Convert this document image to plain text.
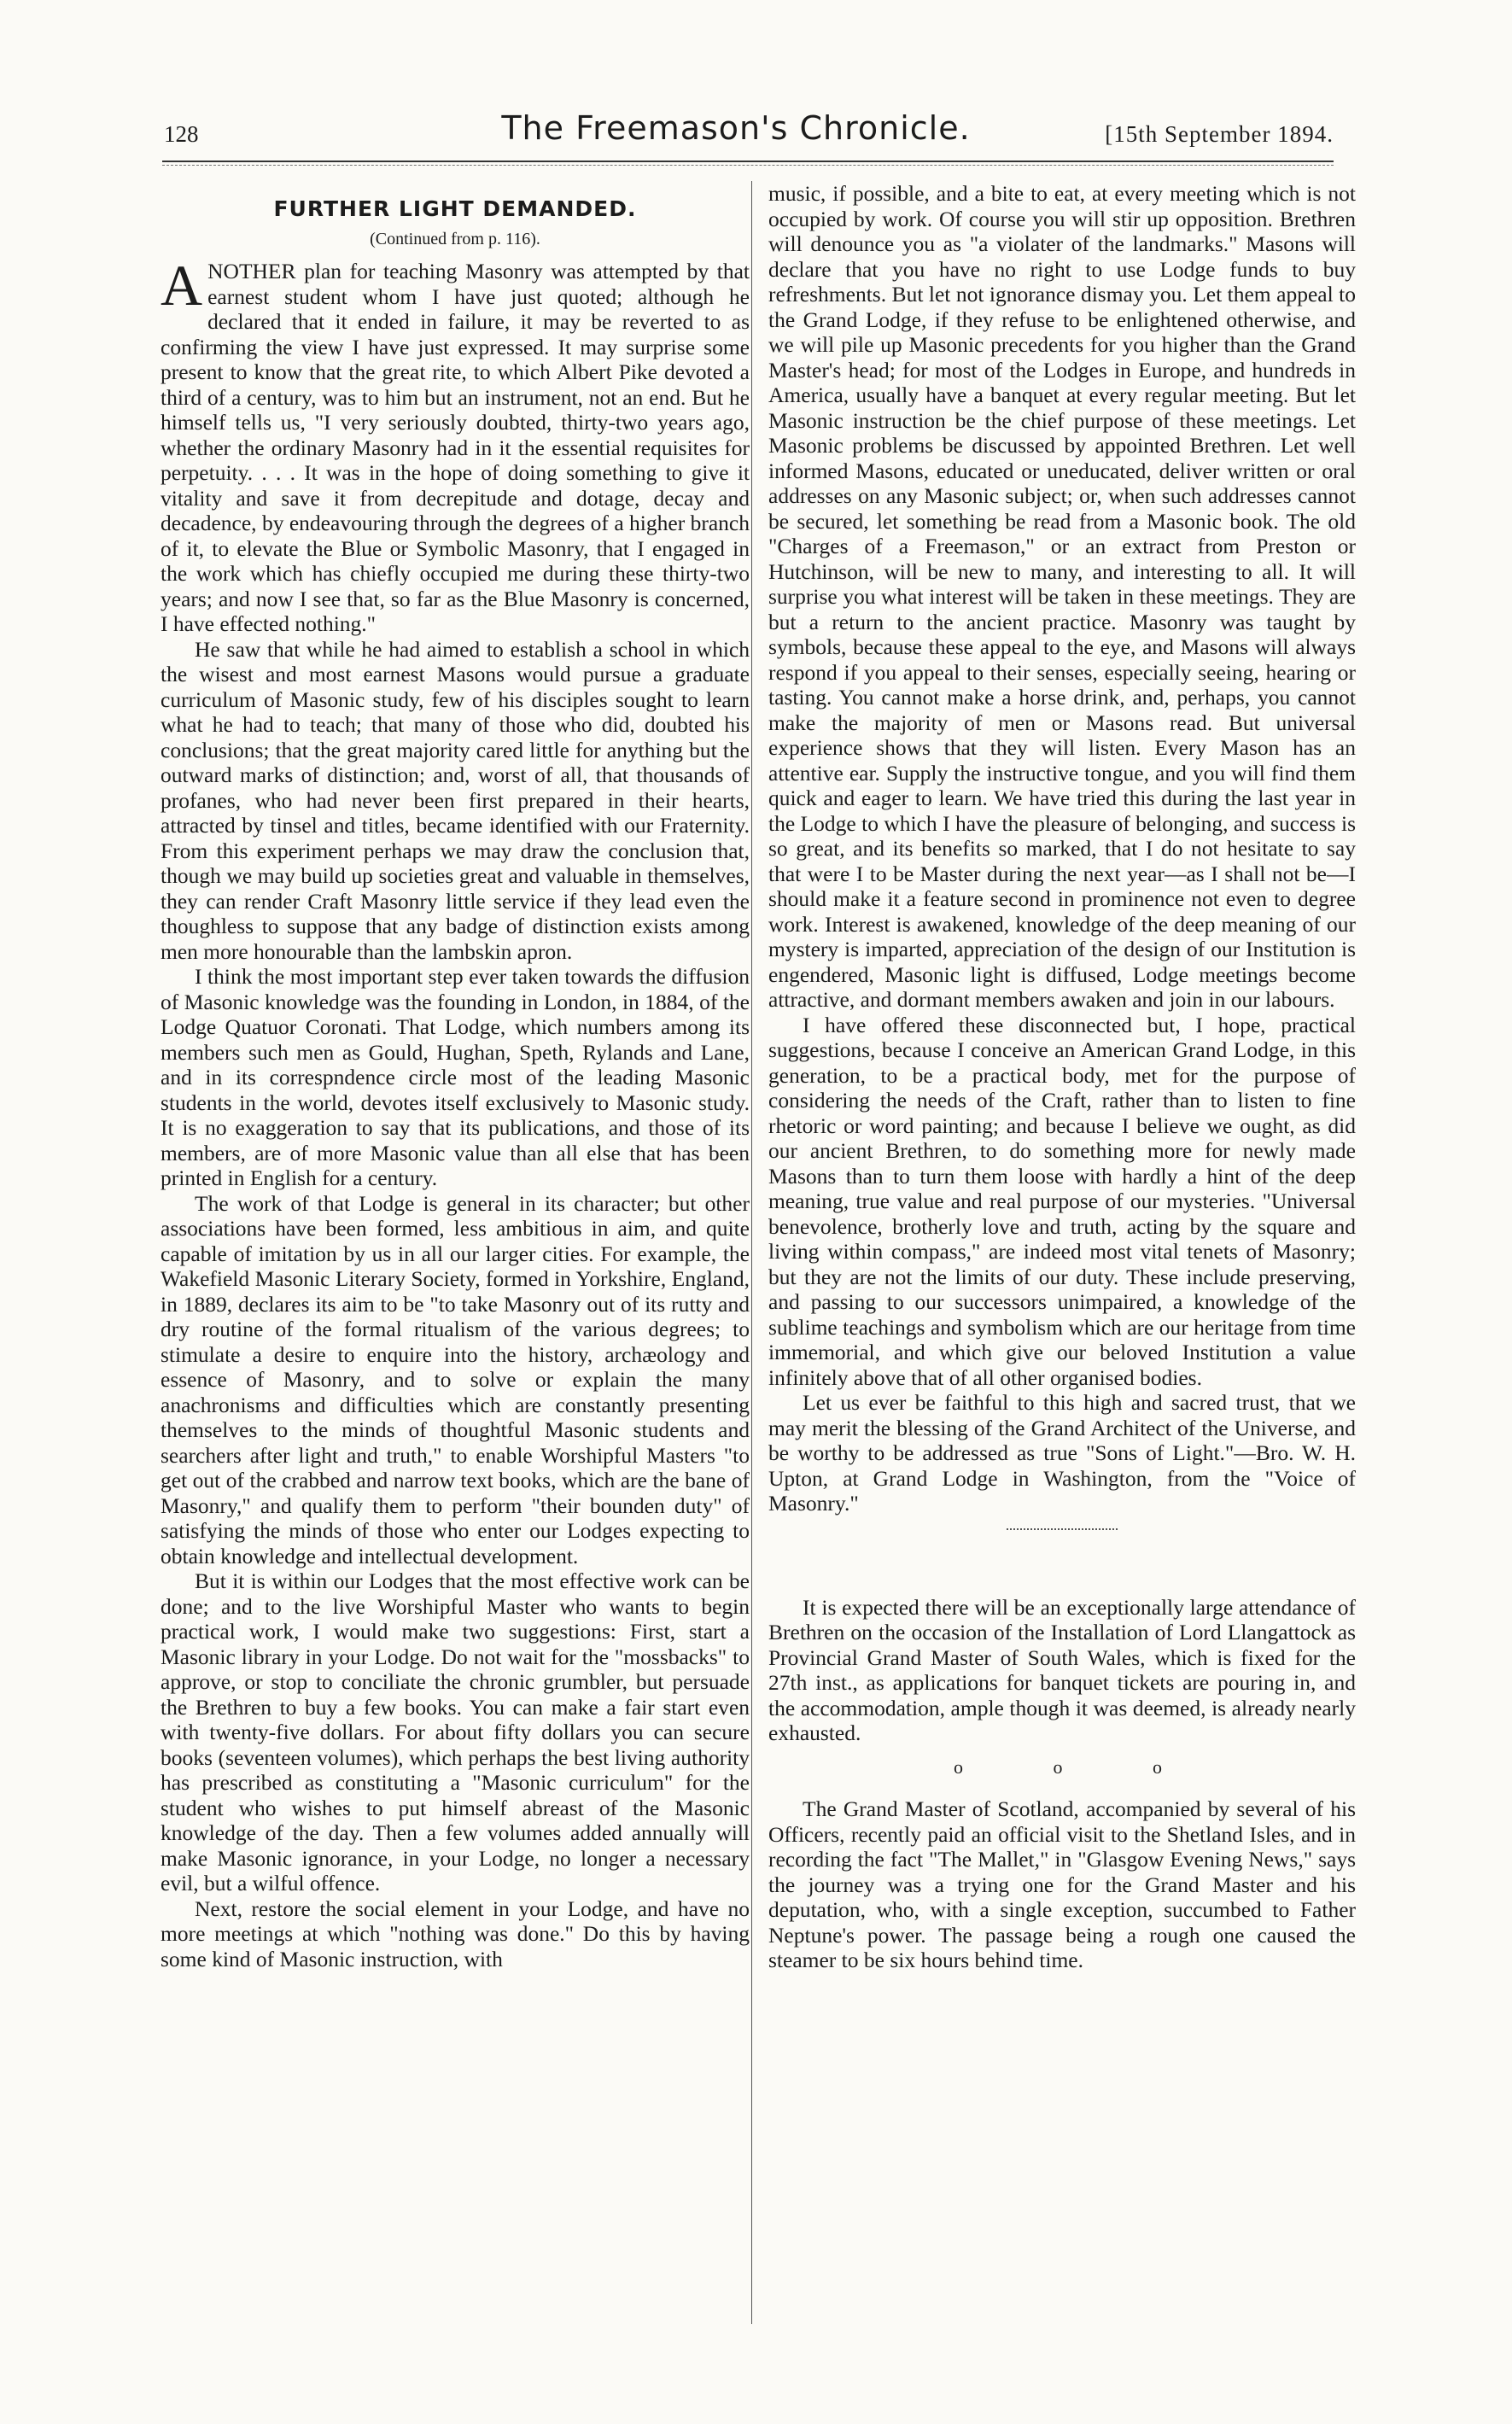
128	The Freemason's Chronicle.	[15th September 1894.
FURTHER LIGHT DEMANDED.
(Continued from p. 116).

ANOTHER plan for teaching Masonry was attempted by that earnest student whom I have just quoted; although he declared that it ended in failure, it may be reverted to as confirming the view I have just expressed. It may surprise some present to know that the great rite, to which Albert Pike devoted a third of a century, was to him but an instrument, not an end. But he himself tells us, "I very seriously doubted, thirty-two years ago, whether the ordinary Masonry had in it the essential requisites for perpetuity. . . . It was in the hope of doing something to give it vitality and save it from decrepitude and dotage, decay and decadence, by endeavouring through the degrees of a higher branch of it, to elevate the Blue or Symbolic Masonry, that I engaged in the work which has chiefly occupied me during these thirty-two years; and now I see that, so far as the Blue Masonry is concerned, I have effected nothing."

He saw that while he had aimed to establish a school in which the wisest and most earnest Masons would pursue a graduate curriculum of Masonic study, few of his disciples sought to learn what he had to teach; that many of those who did, doubted his conclusions; that the great majority cared little for anything but the outward marks of distinction; and, worst of all, that thousands of profanes, who had never been first prepared in their hearts, attracted by tinsel and titles, became identified with our Fraternity. From this experiment perhaps we may draw the conclusion that, though we may build up societies great and valuable in themselves, they can render Craft Masonry little service if they lead even the thoughless to suppose that any badge of distinction exists among men more honourable than the lambskin apron.

I think the most important step ever taken towards the diffusion of Masonic knowledge was the founding in London, in 1884, of the Lodge Quatuor Coronati. That Lodge, which numbers among its members such men as Gould, Hughan, Speth, Rylands and Lane, and in its correspndence circle most of the leading Masonic students in the world, devotes itself exclusively to Masonic study. It is no exaggeration to say that its publications, and those of its members, are of more Masonic value than all else that has been printed in English for a century.

The work of that Lodge is general in its character; but other associations have been formed, less ambitious in aim, and quite capable of imitation by us in all our larger cities. For example, the Wakefield Masonic Literary Society, formed in Yorkshire, England, in 1889, declares its aim to be "to take Masonry out of its rutty and dry routine of the formal ritualism of the various degrees; to stimulate a desire to enquire into the history, archæology and essence of Masonry, and to solve or explain the many anachronisms and difficulties which are constantly presenting themselves to the minds of thoughtful Masonic students and searchers after light and truth," to enable Worshipful Masters "to get out of the crabbed and narrow text books, which are the bane of Masonry," and qualify them to perform "their bounden duty" of satisfying the minds of those who enter our Lodges expecting to obtain knowledge and intellectual development.

But it is within our Lodges that the most effective work can be done; and to the live Worshipful Master who wants to begin practical work, I would make two suggestions: First, start a Masonic library in your Lodge. Do not wait for the "mossbacks" to approve, or stop to conciliate the chronic grumbler, but persuade the Brethren to buy a few books. You can make a fair start even with twenty-five dollars. For about fifty dollars you can secure books (seventeen volumes), which perhaps the best living authority has prescribed as constituting a "Masonic curriculum" for the student who wishes to put himself abreast of the Masonic knowledge of the day. Then a few volumes added annually will make Masonic ignorance, in your Lodge, no longer a necessary evil, but a wilful offence.

Next, restore the social element in your Lodge, and have no more meetings at which "nothing was done." Do this by having some kind of Masonic instruction, with

music, if possible, and a bite to eat, at every meeting which is not occupied by work. Of course you will stir up opposition. Brethren will denounce you as "a violater of the landmarks." Masons will declare that you have no right to use Lodge funds to buy refreshments. But let not ignorance dismay you. Let them appeal to the Grand Lodge, if they refuse to be enlightened otherwise, and we will pile up Masonic precedents for you higher than the Grand Master's head; for most of the Lodges in Europe, and hundreds in America, usually have a banquet at every regular meeting. But let Masonic instruction be the chief purpose of these meetings. Let Masonic problems be discussed by appointed Brethren. Let well informed Masons, educated or uneducated, deliver written or oral addresses on any Masonic subject; or, when such addresses cannot be secured, let something be read from a Masonic book. The old "Charges of a Freemason," or an extract from Preston or Hutchinson, will be new to many, and interesting to all. It will surprise you what interest will be taken in these meetings. They are but a return to the ancient practice. Masonry was taught by symbols, because these appeal to the eye, and Masons will always respond if you appeal to their senses, especially seeing, hearing or tasting. You cannot make a horse drink, and, perhaps, you cannot make the majority of men or Masons read. But universal experience shows that they will listen. Every Mason has an attentive ear. Supply the instructive tongue, and you will find them quick and eager to learn. We have tried this during the last year in the Lodge to which I have the pleasure of belonging, and success is so great, and its benefits so marked, that I do not hesitate to say that were I to be Master during the next year—as I shall not be—I should make it a feature second in prominence not even to degree work. Interest is awakened, knowledge of the deep meaning of our mystery is imparted, appreciation of the design of our Institution is engendered, Masonic light is diffused, Lodge meetings become attractive, and dormant members awaken and join in our labours.

I have offered these disconnected but, I hope, practical suggestions, because I conceive an American Grand Lodge, in this generation, to be a practical body, met for the purpose of considering the needs of the Craft, rather than to listen to fine rhetoric or word painting; and because I believe we ought, as did our ancient Brethren, to do something more for newly made Masons than to turn them loose with hardly a hint of the deep meaning, true value and real purpose of our mysteries. "Universal benevolence, brotherly love and truth, acting by the square and living within compass," are indeed most vital tenets of Masonry; but they are not the limits of our duty. These include preserving, and passing to our successors unimpaired, a knowledge of the sublime teachings and symbolism which are our heritage from time immemorial, and which give our beloved Institution a value infinitely above that of all other organised bodies.

Let us ever be faithful to this high and sacred trust, that we may merit the blessing of the Grand Architect of the Universe, and be worthy to be addressed as true "Sons of Light."—Bro. W. H. Upton, at Grand Lodge in Washington, from the "Voice of Masonry."

It is expected there will be an exceptionally large attendance of Brethren on the occasion of the Installation of Lord Llangattock as Provincial Grand Master of South Wales, which is fixed for the 27th inst., as applications for banquet tickets are pouring in, and the accommodation, ample though it was deemed, is already nearly exhausted.

o o o

The Grand Master of Scotland, accompanied by several of his Officers, recently paid an official visit to the Shetland Isles, and in recording the fact "The Mallet," in "Glasgow Evening News," says the journey was a trying one for the Grand Master and his deputation, who, with a single exception, succumbed to Father Neptune's power. The passage being a rough one caused the steamer to be six hours behind time.
